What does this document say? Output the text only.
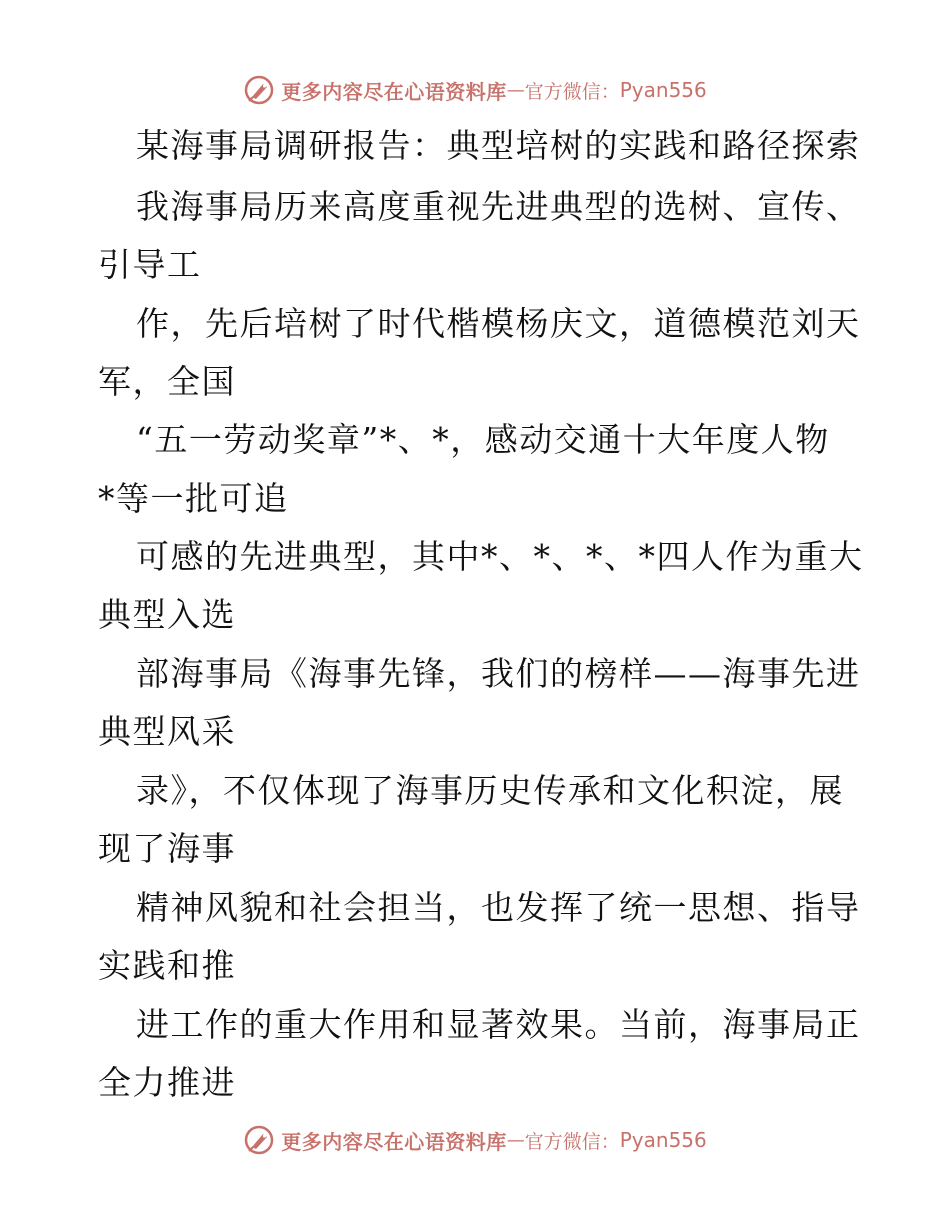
更多内容尽在心语资料库 — 官方微信： Pyan556
某海事局调研报告：典型培树的实践和路径探索
我海事局历来高度重视先进典型的选树、宣传、
引导工
作，先后培树了时代楷模杨庆文，道德模范刘天
军，全国
“五一劳动奖章”*、*，感动交通十大年度人物
*等一批可追
可感的先进典型，其中*、*、*、*四人作为重大
典型入选
部海事局《海事先锋，我们的榜样——海事先进
典型风采
录》，不仅体现了海事历史传承和文化积淀，展
现了海事
精神风貌和社会担当，也发挥了统一思想、指导
实践和推
进工作的重大作用和显著效果。当前，海事局正
全力推进
更多内容尽在心语资料库 — 官方微信： Pyan556
